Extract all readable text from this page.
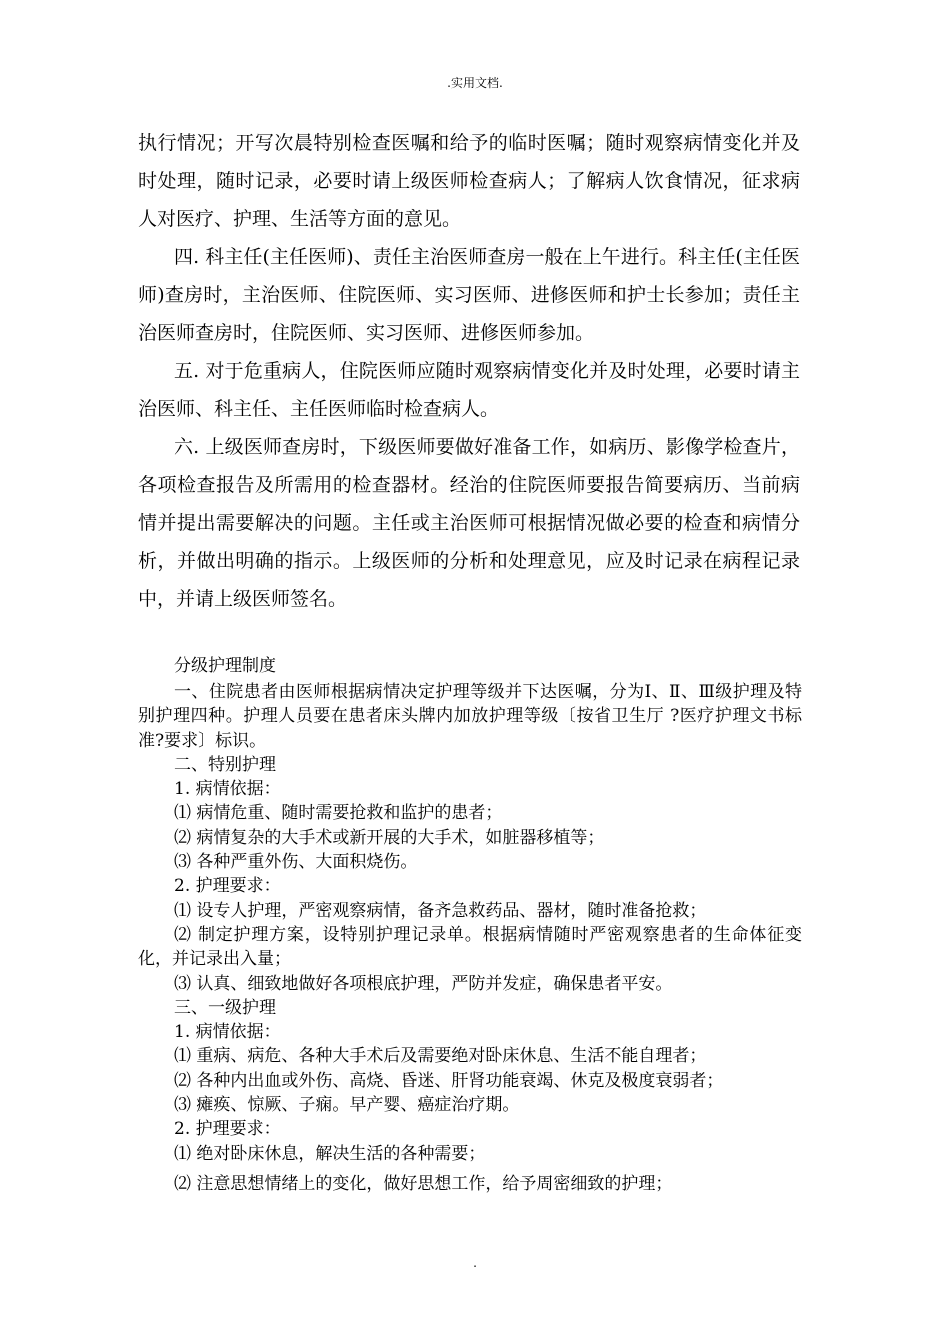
.实用文档.

执行情况；开写次晨特别检查医嘱和给予的临时医嘱；随时观察病情变化并及时处理，随时记录，必要时请上级医师检查病人；了解病人饮食情况，征求病人对医疗、护理、生活等方面的意见。

四. 科主任(主任医师)、责任主治医师查房一般在上午进行。科主任(主任医师)查房时，主治医师、住院医师、实习医师、进修医师和护士长参加；责任主治医师查房时，住院医师、实习医师、进修医师参加。

五. 对于危重病人，住院医师应随时观察病情变化并及时处理，必要时请主治医师、科主任、主任医师临时检查病人。

六. 上级医师查房时，下级医师要做好准备工作，如病历、影像学检查片，各项检查报告及所需用的检查器材。经治的住院医师要报告简要病历、当前病情并提出需要解决的问题。主任或主治医师可根据情况做必要的检查和病情分析，并做出明确的指示。上级医师的分析和处理意见，应及时记录在病程记录中，并请上级医师签名。

分级护理制度

一、住院患者由医师根据病情决定护理等级并下达医嘱，分为Ⅰ、Ⅱ、Ⅲ级护理及特别护理四种。护理人员要在患者床头牌内加放护理等级〔按省卫生厅 ?医疗护理文书标准?要求〕标识。

二、特别护理

1. 病情依据：

⑴ 病情危重、随时需要抢救和监护的患者；

⑵ 病情复杂的大手术或新开展的大手术，如脏器移植等；

⑶ 各种严重外伤、大面积烧伤。

2. 护理要求：

⑴ 设专人护理，严密观察病情，备齐急救药品、器材，随时准备抢救；

⑵ 制定护理方案，设特别护理记录单。根据病情随时严密观察患者的生命体征变化，并记录出入量；

⑶ 认真、细致地做好各项根底护理，严防并发症，确保患者平安。

三、一级护理

1. 病情依据：

⑴ 重病、病危、各种大手术后及需要绝对卧床休息、生活不能自理者；

⑵ 各种内出血或外伤、高烧、昏迷、肝肾功能衰竭、休克及极度衰弱者；

⑶ 瘫痪、惊厥、子痫。早产婴、癌症治疗期。

2. 护理要求：

⑴ 绝对卧床休息，解决生活的各种需要；

⑵ 注意思想情绪上的变化，做好思想工作，给予周密细致的护理；

.
